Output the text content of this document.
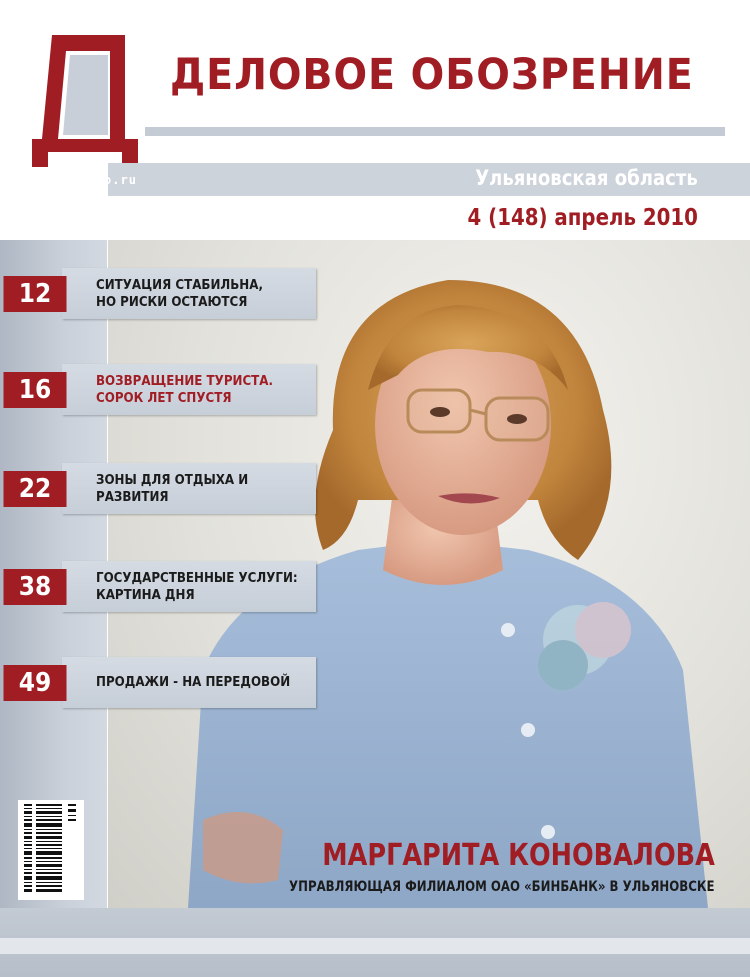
ДЕЛОВОЕ ОБОЗРЕНИЕ
www.uldelo.ru	Ульяновская область
4 (148) апрель 2010
12	СИТУАЦИЯ СТАБИЛЬНА,
НО РИСКИ ОСТАЮТСЯ
16	ВОЗВРАЩЕНИЕ ТУРИСТА.
СОРОК ЛЕТ СПУСТЯ
22	ЗОНЫ ДЛЯ ОТДЫХА И РАЗВИТИЯ
38	ГОСУДАРСТВЕННЫЕ УСЛУГИ:
КАРТИНА ДНЯ
49	ПРОДАЖИ - НА ПЕРЕДОВОЙ
МАРГАРИТА КОНОВАЛОВА
УПРАВЛЯЮЩАЯ ФИЛИАЛОМ ОАО «БИНБАНК» В УЛЬЯНОВСКЕ
